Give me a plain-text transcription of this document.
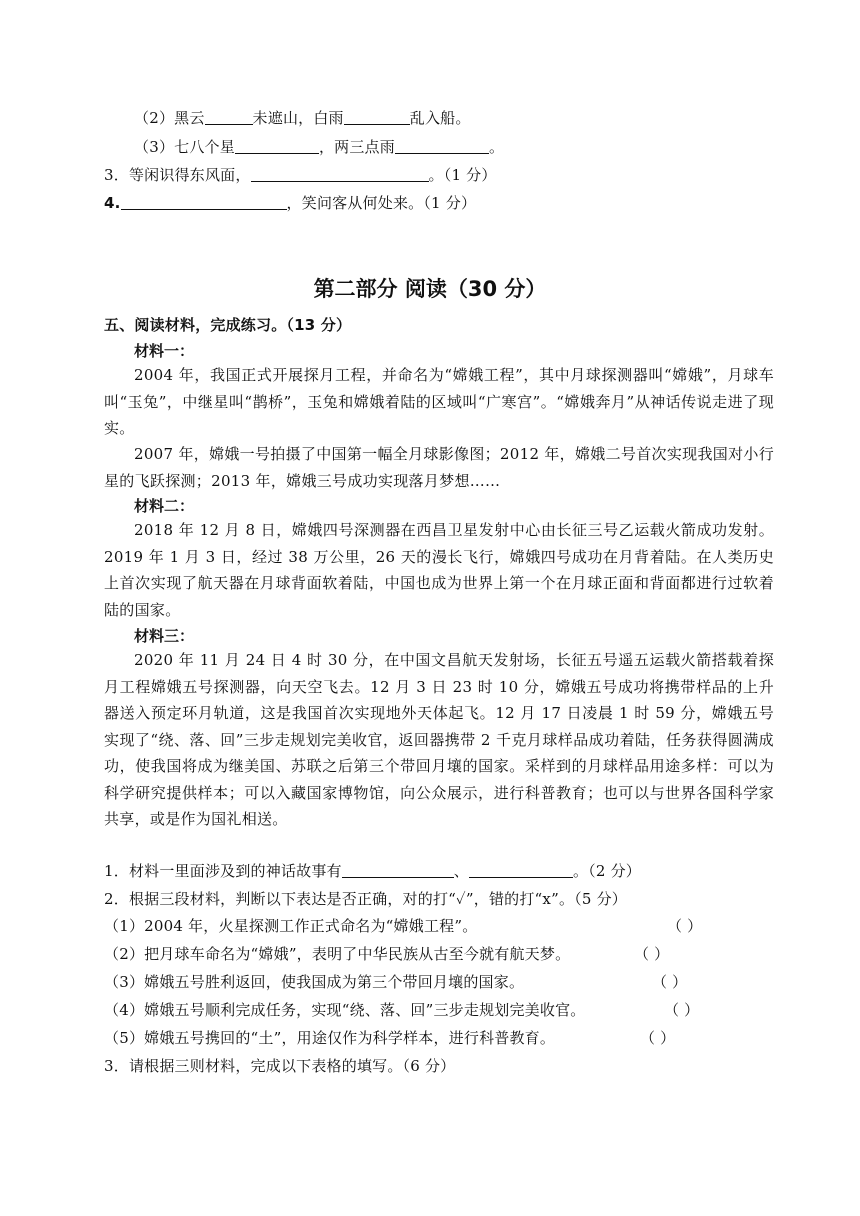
（2）黑云	未遮山，白雨	乱入船。
（3）七八个星	，两三点雨	。
3．等闲识得东风面，	。（1 分）
4.	，笑问客从何处来。（1 分）
第二部分 阅读（30 分）
五、阅读材料，完成练习。（13 分）
材料一：
2004 年，我国正式开展探月工程，并命名为“嫦娥工程”，其中月球探测器叫“嫦娥”，月球车叫“玉兔”，中继星叫“鹊桥”，玉兔和嫦娥着陆的区域叫“广寒宫”。“嫦娥奔月”从神话传说走进了现实。
2007 年，嫦娥一号拍摄了中国第一幅全月球影像图；2012 年，嫦娥二号首次实现我国对小行星的飞跃探测；2013 年，嫦娥三号成功实现落月梦想……
材料二：
2018 年 12 月 8 日，嫦娥四号深测器在西昌卫星发射中心由长征三号乙运载火箭成功发射。2019 年 1 月 3 日，经过 38 万公里，26 天的漫长飞行，嫦娥四号成功在月背着陆。在人类历史上首次实现了航天器在月球背面软着陆，中国也成为世界上第一个在月球正面和背面都进行过软着陆的国家。
材料三：
2020 年 11 月 24 日 4 时 30 分，在中国文昌航天发射场，长征五号遥五运载火箭搭载着探月工程嫦娥五号探测器，向天空飞去。12 月 3 日 23 时 10 分，嫦娥五号成功将携带样品的上升器送入预定环月轨道，这是我国首次实现地外天体起飞。12 月 17 日凌晨 1 时 59 分，嫦娥五号实现了“绕、落、回”三步走规划完美收官，返回器携带 2 千克月球样品成功着陆，任务获得圆满成功，使我国将成为继美国、苏联之后第三个带回月壤的国家。采样到的月球样品用途多样：可以为科学研究提供样本；可以入藏国家博物馆，向公众展示，进行科普教育；也可以与世界各国科学家共享，或是作为国礼相送。
1．材料一里面涉及到的神话故事有	、	。（2 分）
2．根据三段材料，判断以下表达是否正确，对的打“✓”，错的打“x”。（5 分）
（1）2004 年，火星探测工作正式命名为“嫦娥工程”。	（ ）
（2）把月球车命名为“嫦娥”，表明了中华民族从古至今就有航天梦。	（ ）
（3）嫦娥五号胜利返回，使我国成为第三个带回月壤的国家。	（ ）
（4）嫦娥五号顺利完成任务，实现“绕、落、回”三步走规划完美收官。	（ ）
（5）嫦娥五号携回的“土”，用途仅作为科学样本，进行科普教育。	（ ）
3．请根据三则材料，完成以下表格的填写。（6 分）
